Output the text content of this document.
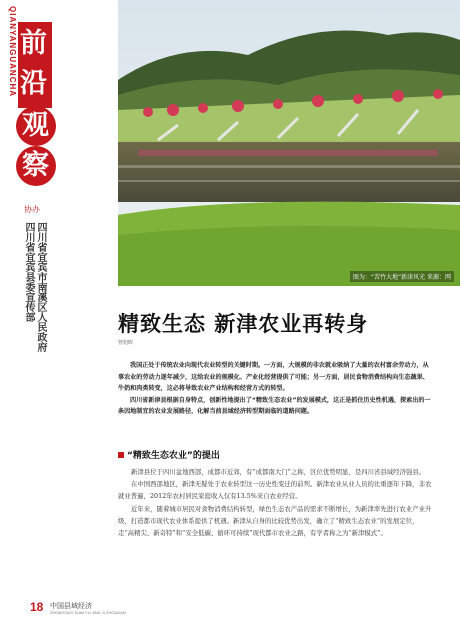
QIANYANGUANCHA 前
沿
观
察
协办
四川省宜宾市南溪区人民政府
四川省宜宾县委宣传部	图为：“苦竹大地”新津风光 来源：网
精致生态 新津农业再转身
曾旭晖

我国正处于传统农业向现代农业转型的关键时期。一方面，大规模的非农就业吸纳了大量的农村富余劳动力，从事农业的劳动力逐年减少，这给农业的规模化、产业化经营提供了可能；另一方面，居民食物消费结构向生态蔬果、牛奶和肉类转变，这必将导致农业产业结构和经营方式的转型。

四川省新津县根据自身特点，创新性地提出了“精致生态农业”的发展模式，这正是抓住历史性机遇，探索出的一条因地制宜的农业发展路径，化解当前县域经济转型期面临的道路问题。

“精致生态农业”的提出

新津县位于四川盆地西部，成都市近郊，有“成都南大门”之称，区位优势明显，是四川省县域经济强县。

在中国西部地区，新津无疑处于农业转型这一历史性变迁的前列。新津农业从业人员的比重逐年下降，非农就业普遍，2012年农村居民家庭收入仅有13.5%来自农业经营。

近年来，随着城市居民对食物消费结构转型，绿色生态农产品的需求不断增长，为新津率先进行农业产业升级，打造都市现代农业体系提供了机遇。新津从自身的比较优势出发，确立了“精致生态农业”的发展定位，走“高精尖、新奇特”和“安全低碳、循环可持续”现代都市农业之路，有学者称之为“新津模式”。

18 中国县域经济
ZHONGGUO XIAN YU JING JI ZHOUKAN
